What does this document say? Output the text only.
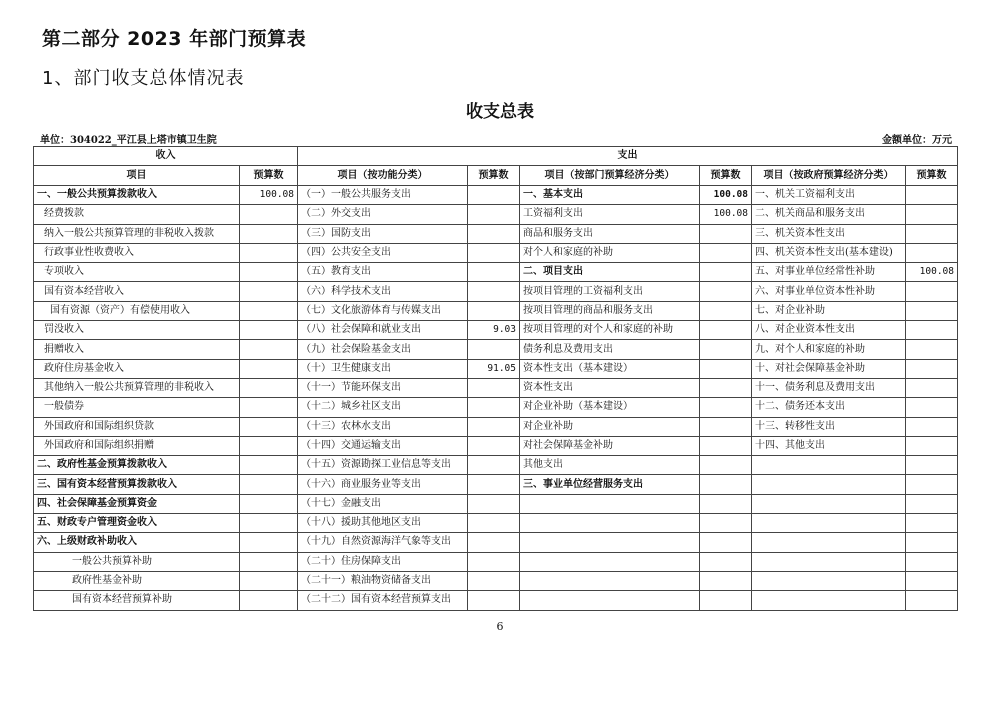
第二部分 2023 年部门预算表
1、部门收支总体情况表
收支总表
单位：304022_平江县上塔市镇卫生院	金额单位：万元
收入		支出					
项目	预算数	项目（按功能分类）	预算数	项目（按部门预算经济分类）	预算数	项目（按政府预算经济分类）	预算数
一、一般公共预算拨款收入	100.08	（一）一般公共服务支出		一、基本支出	100.08	一、机关工资福利支出	
经费拨款		（二）外交支出		工资福利支出	100.08	二、机关商品和服务支出	
纳入一般公共预算管理的非税收入拨款		（三）国防支出		商品和服务支出		三、机关资本性支出	
行政事业性收费收入		（四）公共安全支出		对个人和家庭的补助		四、机关资本性支出(基本建设)	
专项收入		（五）教育支出		二、项目支出		五、对事业单位经常性补助	100.08
国有资本经营收入		（六）科学技术支出		按项目管理的工资福利支出		六、对事业单位资本性补助	
国有资源（资产）有偿使用收入		（七）文化旅游体育与传媒支出		按项目管理的商品和服务支出		七、对企业补助	
罚没收入		（八）社会保障和就业支出	9.03	按项目管理的对个人和家庭的补助		八、对企业资本性支出	
捐赠收入		（九）社会保险基金支出		债务利息及费用支出		九、对个人和家庭的补助	
政府住房基金收入		（十）卫生健康支出	91.05	资本性支出（基本建设）		十、对社会保障基金补助	
其他纳入一般公共预算管理的非税收入		（十一）节能环保支出		资本性支出		十一、债务利息及费用支出	
一般债券		（十二）城乡社区支出		对企业补助（基本建设）		十二、债务还本支出	
外国政府和国际组织贷款		（十三）农林水支出		对企业补助		十三、转移性支出	
外国政府和国际组织捐赠		（十四）交通运输支出		对社会保障基金补助		十四、其他支出	
二、政府性基金预算拨款收入		（十五）资源勘探工业信息等支出		其他支出			
三、国有资本经营预算拨款收入		（十六）商业服务业等支出		三、事业单位经营服务支出			
四、社会保障基金预算资金		（十七）金融支出					
五、财政专户管理资金收入		（十八）援助其他地区支出					
六、上级财政补助收入		（十九）自然资源海洋气象等支出					
一般公共预算补助		（二十）住房保障支出					
政府性基金补助		（二十一）粮油物资储备支出					
国有资本经营预算补助		（二十二）国有资本经营预算支出					
6
